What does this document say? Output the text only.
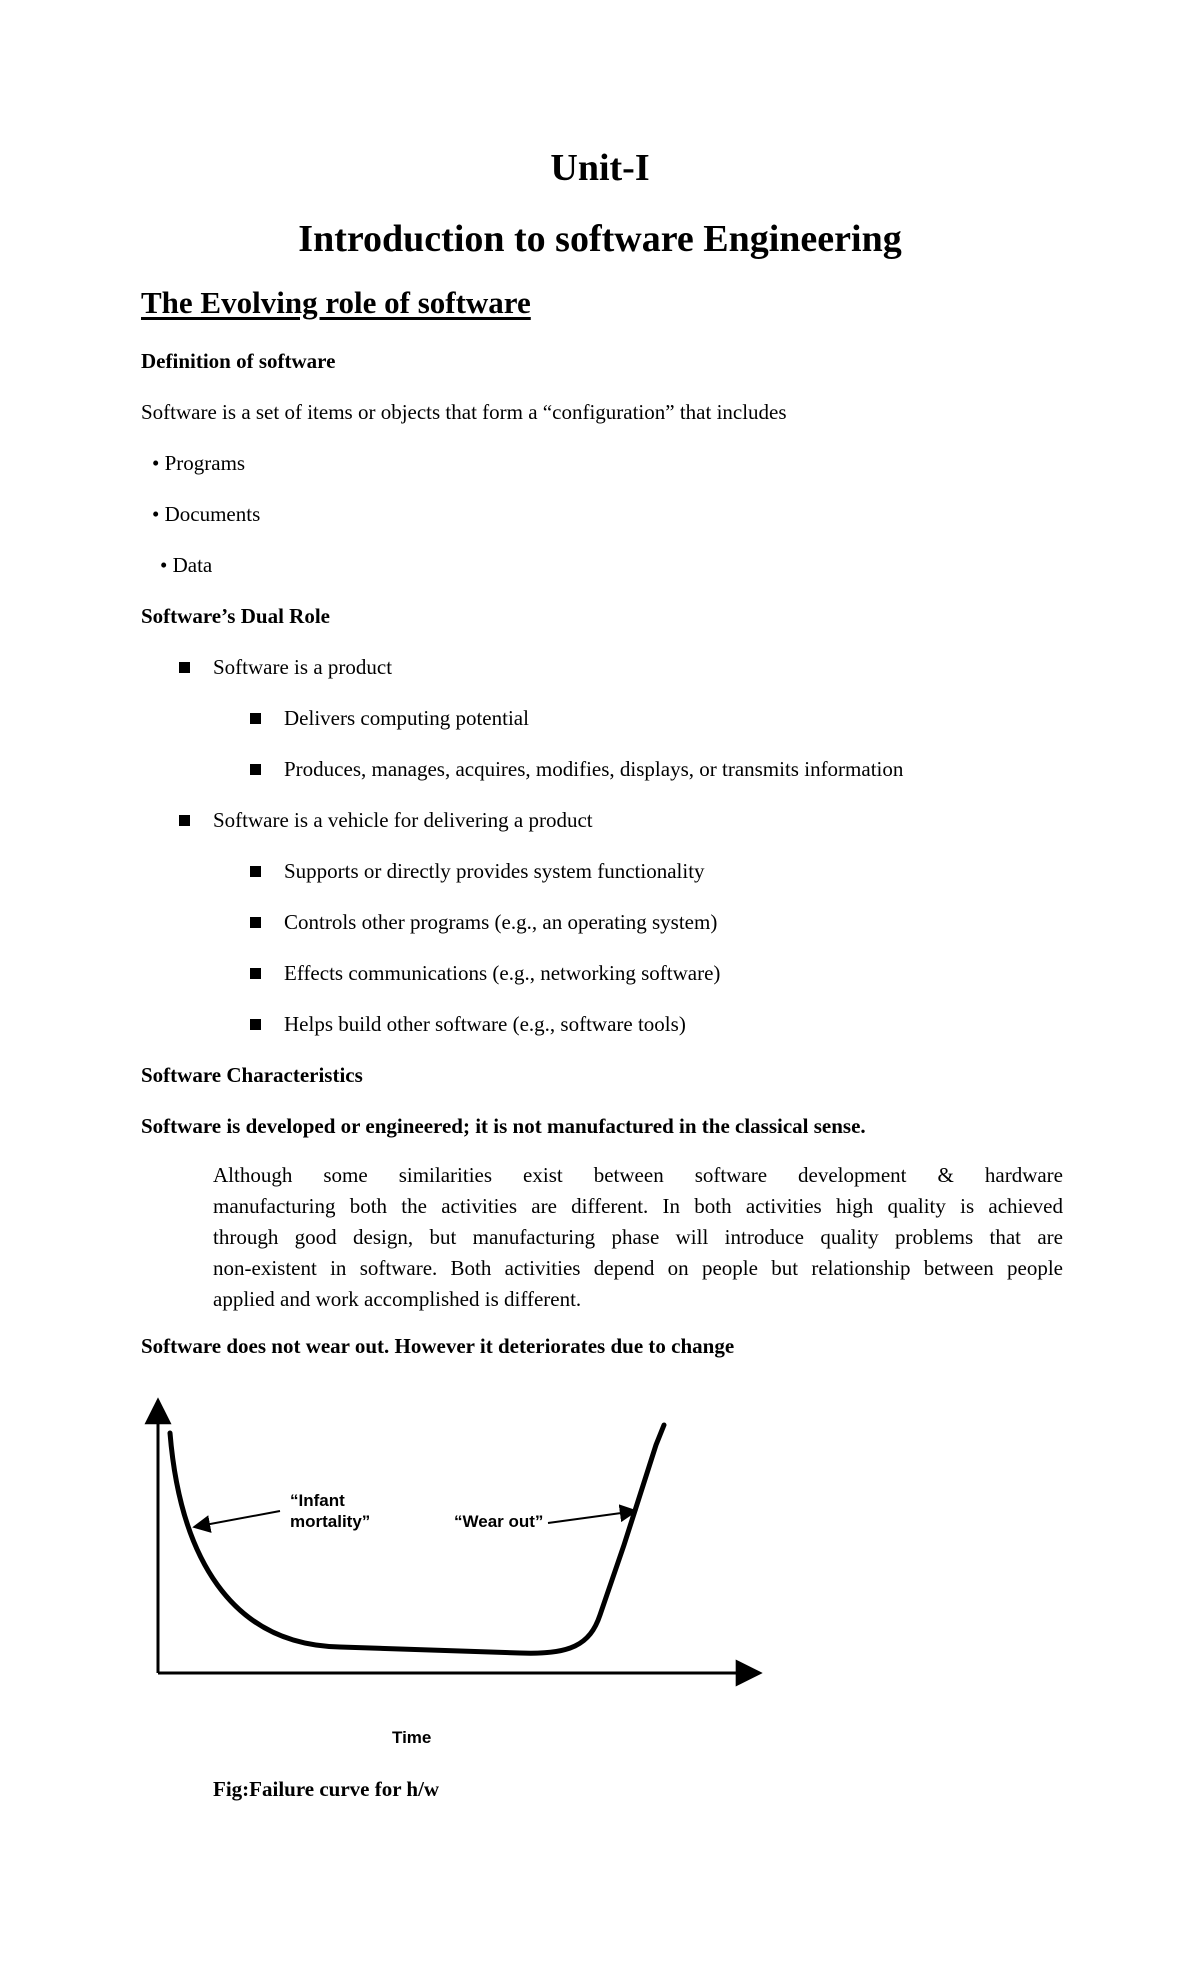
Unit-I
Introduction to software Engineering
The Evolving role of software
Definition of software
Software is a set of items or objects that form a “configuration” that includes
• Programs
• Documents
• Data
Software’s Dual Role
Software is a product
Delivers computing potential
Produces, manages, acquires, modifies, displays, or transmits information
Software is a vehicle for delivering a product
Supports or directly provides system functionality
Controls other programs (e.g., an operating system)
Effects communications (e.g., networking software)
Helps build other software (e.g., software tools)
Software Characteristics
Software is developed or engineered; it is not manufactured in the classical sense.
Although some similarities exist between software development & hardware
manufacturing both the activities are different. In both activities high quality is achieved
through good design, but manufacturing phase will introduce quality problems that are
non-existent in software. Both activities depend on people but relationship between people
applied and work accomplished is different.
Software does not wear out. However it deteriorates due to change
“Infant
mortality”	“Wear out”
Time
Fig:Failure curve for h/w
